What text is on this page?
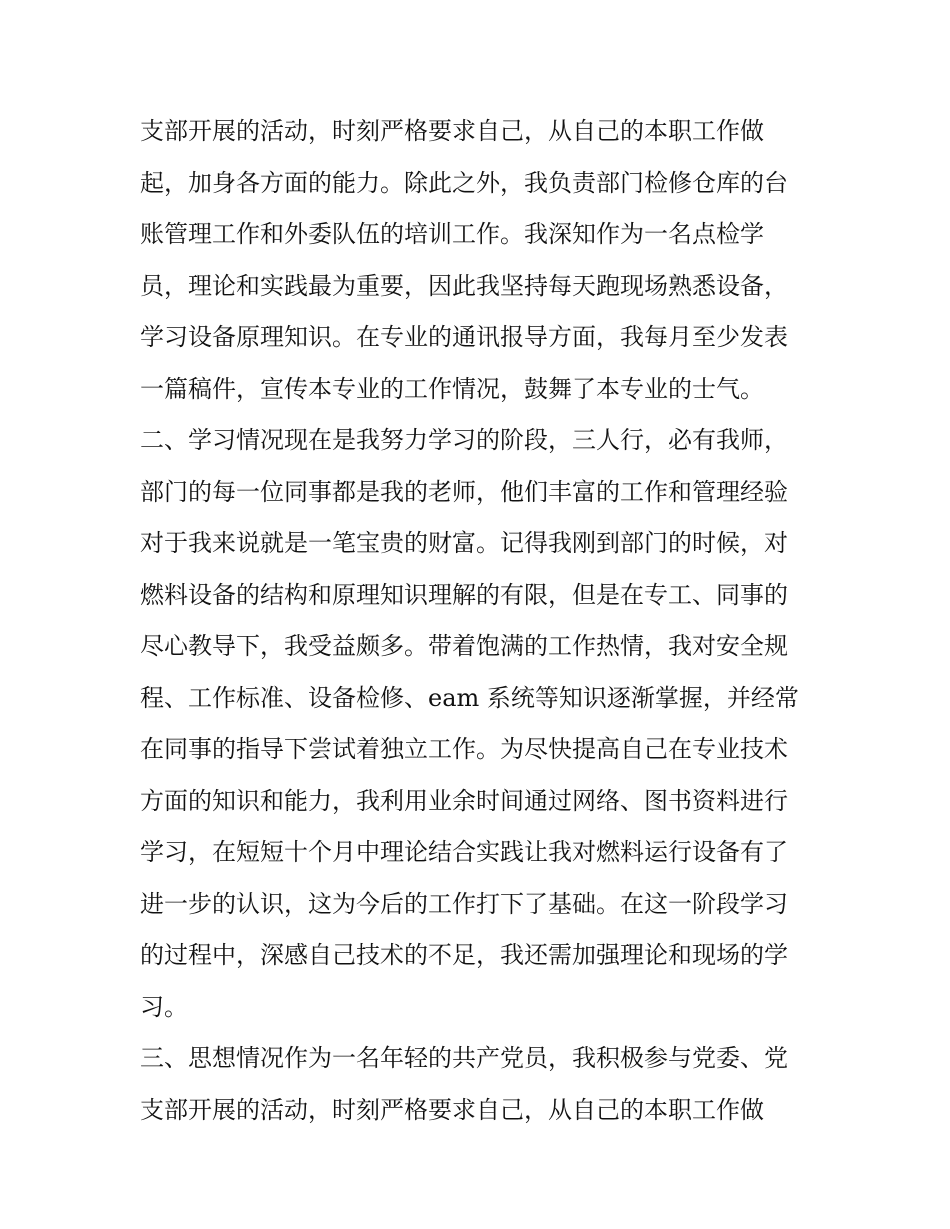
支部开展的活动，时刻严格要求自己，从自己的本职工作做
起，加身各方面的能力。除此之外，我负责部门检修仓库的台
账管理工作和外委队伍的培训工作。我深知作为一名点检学
员，理论和实践最为重要，因此我坚持每天跑现场熟悉设备，
学习设备原理知识。在专业的通讯报导方面，我每月至少发表
一篇稿件，宣传本专业的工作情况，鼓舞了本专业的士气。
二、学习情况现在是我努力学习的阶段，三人行，必有我师，
部门的每一位同事都是我的老师，他们丰富的工作和管理经验
对于我来说就是一笔宝贵的财富。记得我刚到部门的时候，对
燃料设备的结构和原理知识理解的有限，但是在专工、同事的
尽心教导下，我受益颇多。带着饱满的工作热情，我对安全规
程、工作标准、设备检修、eam 系统等知识逐渐掌握，并经常
在同事的指导下尝试着独立工作。为尽快提高自己在专业技术
方面的知识和能力，我利用业余时间通过网络、图书资料进行
学习，在短短十个月中理论结合实践让我对燃料运行设备有了
进一步的认识，这为今后的工作打下了基础。在这一阶段学习
的过程中，深感自己技术的不足，我还需加强理论和现场的学
习。
三、思想情况作为一名年轻的共产党员，我积极参与党委、党
支部开展的活动，时刻严格要求自己，从自己的本职工作做
